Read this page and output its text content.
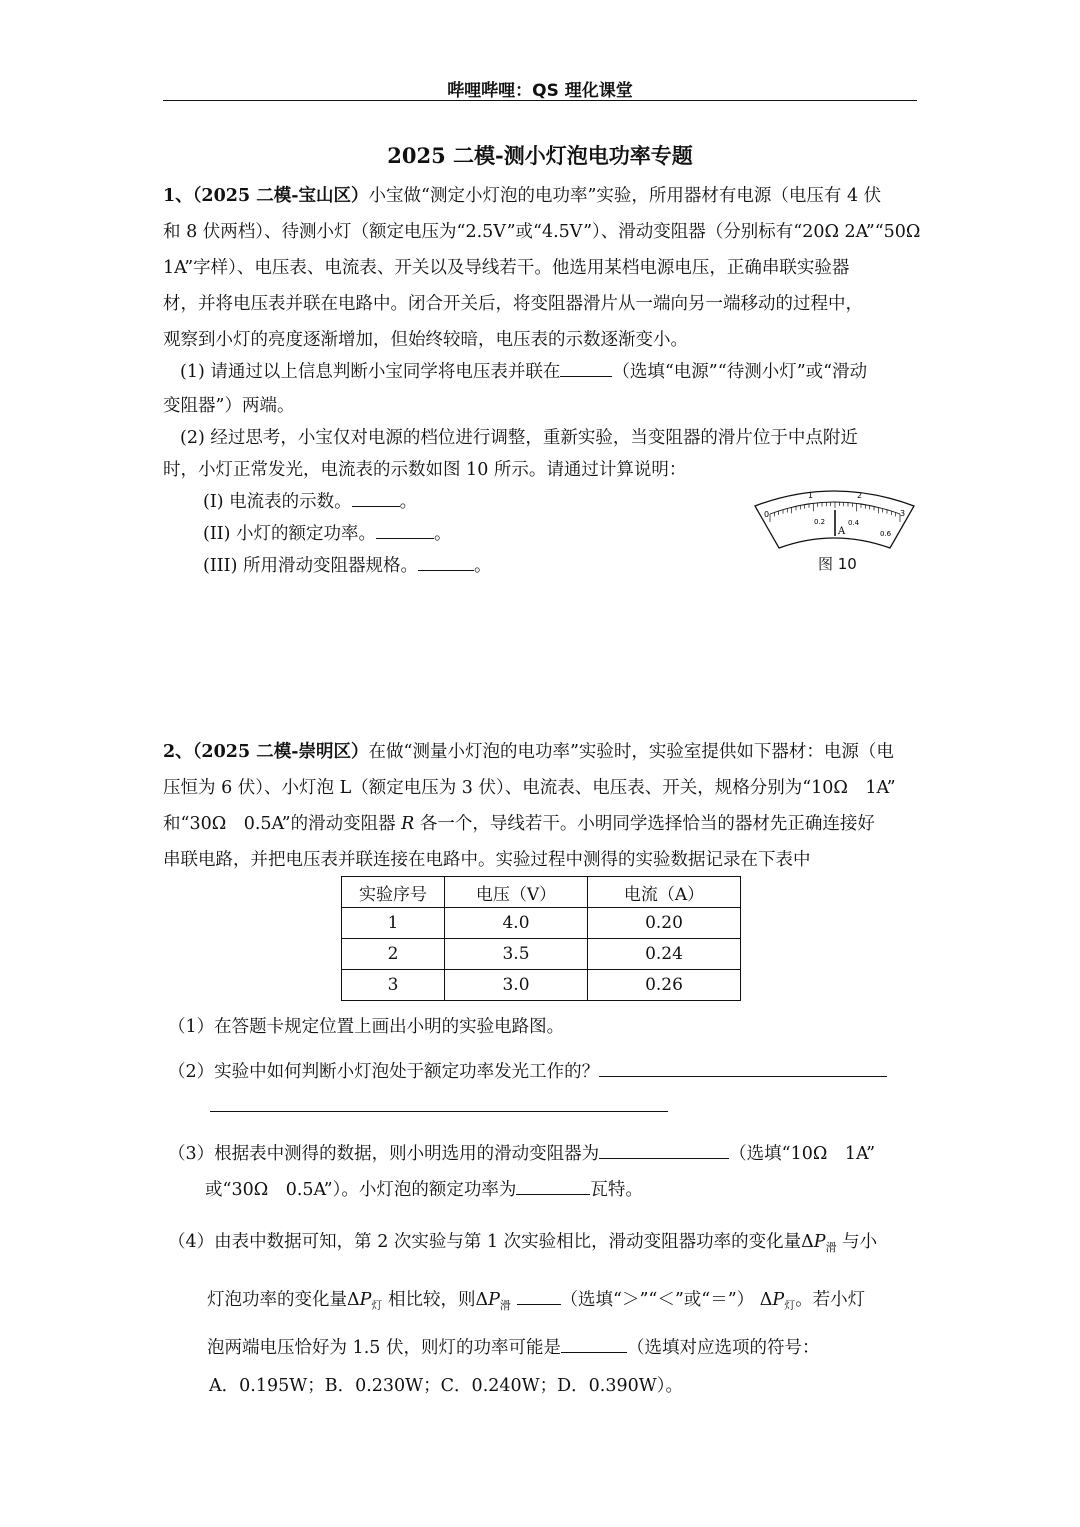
哔哩哔哩：QS 理化课堂
2025 二模-测小灯泡电功率专题
1、（2025 二模-宝山区）小宝做“测定小灯泡的电功率”实验，所用器材有电源（电压有 4 伏
和 8 伏两档）、待测小灯（额定电压为“2.5V”或“4.5V”）、滑动变阻器（分别标有“20Ω 2A”“50Ω
1A”字样）、电压表、电流表、开关以及导线若干。他选用某档电源电压，正确串联实验器
材，并将电压表并联在电路中。闭合开关后，将变阻器滑片从一端向另一端移动的过程中，
观察到小灯的亮度逐渐增加，但始终较暗，电压表的示数逐渐变小。
(1) 请通过以上信息判断小宝同学将电压表并联在	（选填“电源”“待测小灯”或“滑动
变阻器”）两端。
(2) 经过思考，小宝仅对电源的档位进行调整，重新实验，当变阻器的滑片位于中点附近
时，小灯正常发光，电流表的示数如图 10 所示。请通过计算说明：
(I) 电流表的示数。	。
(II) 小灯的额定功率。	。
(III) 所用滑动变阻器规格。	。
0
1	2
3
0.2	0.4
0.6
A
图 10
2、（2025 二模-崇明区）在做“测量小灯泡的电功率”实验时，实验室提供如下器材：电源（电
压恒为 6 伏）、小灯泡 L（额定电压为 3 伏）、电流表、电压表、开关，规格分别为“10Ω　1A”
和“30Ω　0.5A”的滑动变阻器 R 各一个，导线若干。小明同学选择恰当的器材先正确连接好
串联电路，并把电压表并联连接在电路中。实验过程中测得的实验数据记录在下表中
实验序号	电压（V）	电流（A）
1	4.0	0.20
2	3.5	0.24
3	3.0	0.26
（1）在答题卡规定位置上画出小明的实验电路图。
（2）实验中如何判断小灯泡处于额定功率发光工作的？
（3）根据表中测得的数据，则小明选用的滑动变阻器为	（选填“10Ω　1A”
或“30Ω　0.5A”）。小灯泡的额定功率为	瓦特。
（4）由表中数据可知，第 2 次实验与第 1 次实验相比，滑动变阻器功率的变化量$\Delta P_滑$ 与小
灯泡功率的变化量$\Delta P_灯$ 相比较，则$\Delta P_滑$	（选填“＞”“＜”或“＝”） $\Delta P_灯$。若小灯
泡两端电压恰好为 1.5 伏，则灯的功率可能是	（选填对应选项的符号：
A．0.195W；B．0.230W；C．0.240W；D．0.390W）。
